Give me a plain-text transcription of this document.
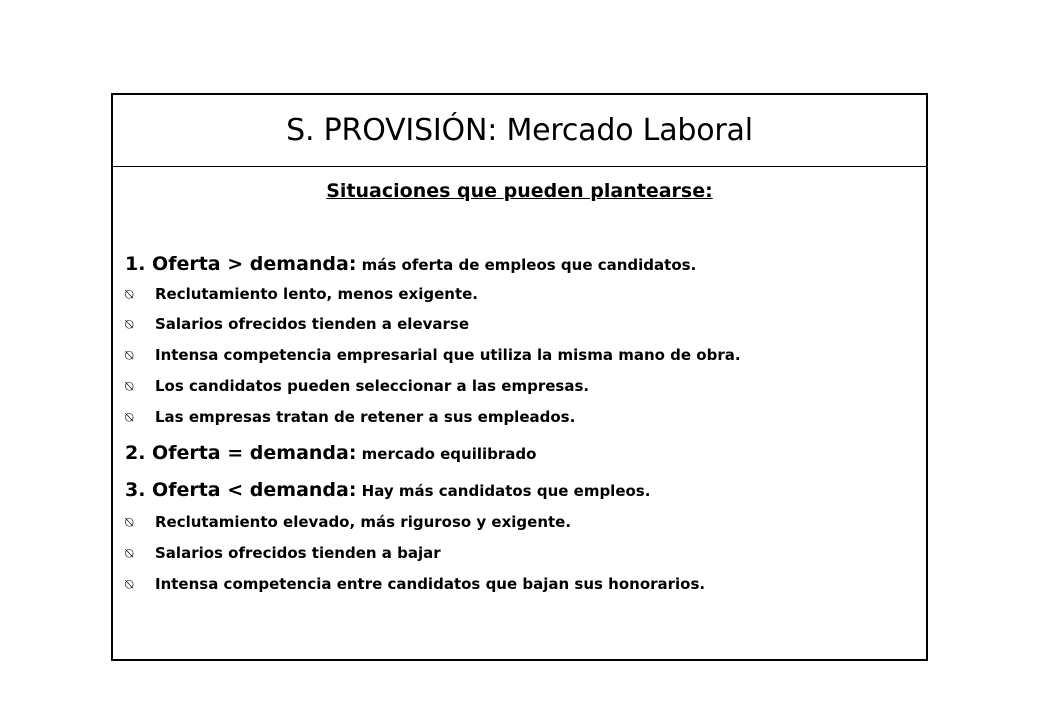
S. PROVISIÓN: Mercado Laboral
Situaciones que pueden plantearse:
1. Oferta > demanda: más oferta de empleos que candidatos.
⍉ Reclutamiento lento, menos exigente.
⍉ Salarios ofrecidos tienden a elevarse
⍉ Intensa competencia empresarial que utiliza la misma mano de obra.
⍉ Los candidatos pueden seleccionar a las empresas.
⍉ Las empresas tratan de retener a sus empleados.
2. Oferta = demanda: mercado equilibrado
3. Oferta < demanda: Hay más candidatos que empleos.
⍉ Reclutamiento elevado, más riguroso y exigente.
⍉ Salarios ofrecidos tienden a bajar
⍉ Intensa competencia entre candidatos que bajan sus honorarios.
